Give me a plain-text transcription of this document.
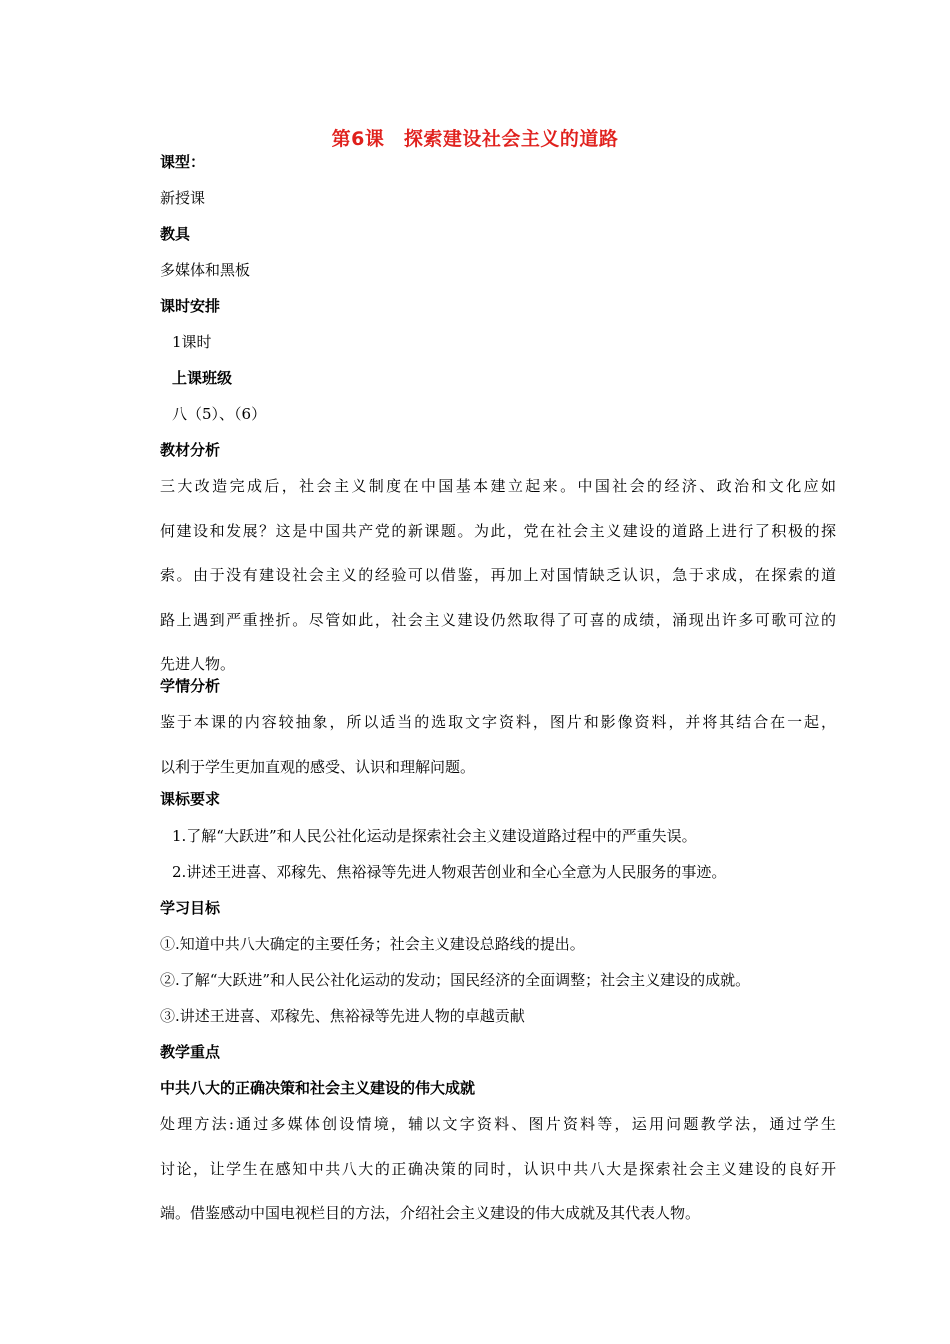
第6课　探索建设社会主义的道路
课型：
新授课
教具
多媒体和黑板
课时安排
1课时
上课班级
八（5）、（6）
教材分析
三大改造完成后，社会主义制度在中国基本建立起来。中国社会的经济、政治和文化应如
何建设和发展？这是中国共产党的新课题。为此，党在社会主义建设的道路上进行了积极的探
索。由于没有建设社会主义的经验可以借鉴，再加上对国情缺乏认识，急于求成，在探索的道
路上遇到严重挫折。尽管如此，社会主义建设仍然取得了可喜的成绩，涌现出许多可歌可泣的
先进人物。
学情分析
鉴于本课的内容较抽象，所以适当的选取文字资料，图片和影像资料，并将其结合在一起，
以利于学生更加直观的感受、认识和理解问题。
课标要求
1.了解“大跃进”和人民公社化运动是探索社会主义建设道路过程中的严重失误。
2.讲述王进喜、邓稼先、焦裕禄等先进人物艰苦创业和全心全意为人民服务的事迹。
学习目标
①.知道中共八大确定的主要任务；社会主义建设总路线的提出。
②.了解“大跃进”和人民公社化运动的发动；国民经济的全面调整；社会主义建设的成就。
③.讲述王进喜、邓稼先、焦裕禄等先进人物的卓越贡献
教学重点
中共八大的正确决策和社会主义建设的伟大成就
处理方法:通过多媒体创设情境，辅以文字资料、图片资料等，运用问题教学法，通过学生
讨论，让学生在感知中共八大的正确决策的同时，认识中共八大是探索社会主义建设的良好开
端。借鉴感动中国电视栏目的方法，介绍社会主义建设的伟大成就及其代表人物。
